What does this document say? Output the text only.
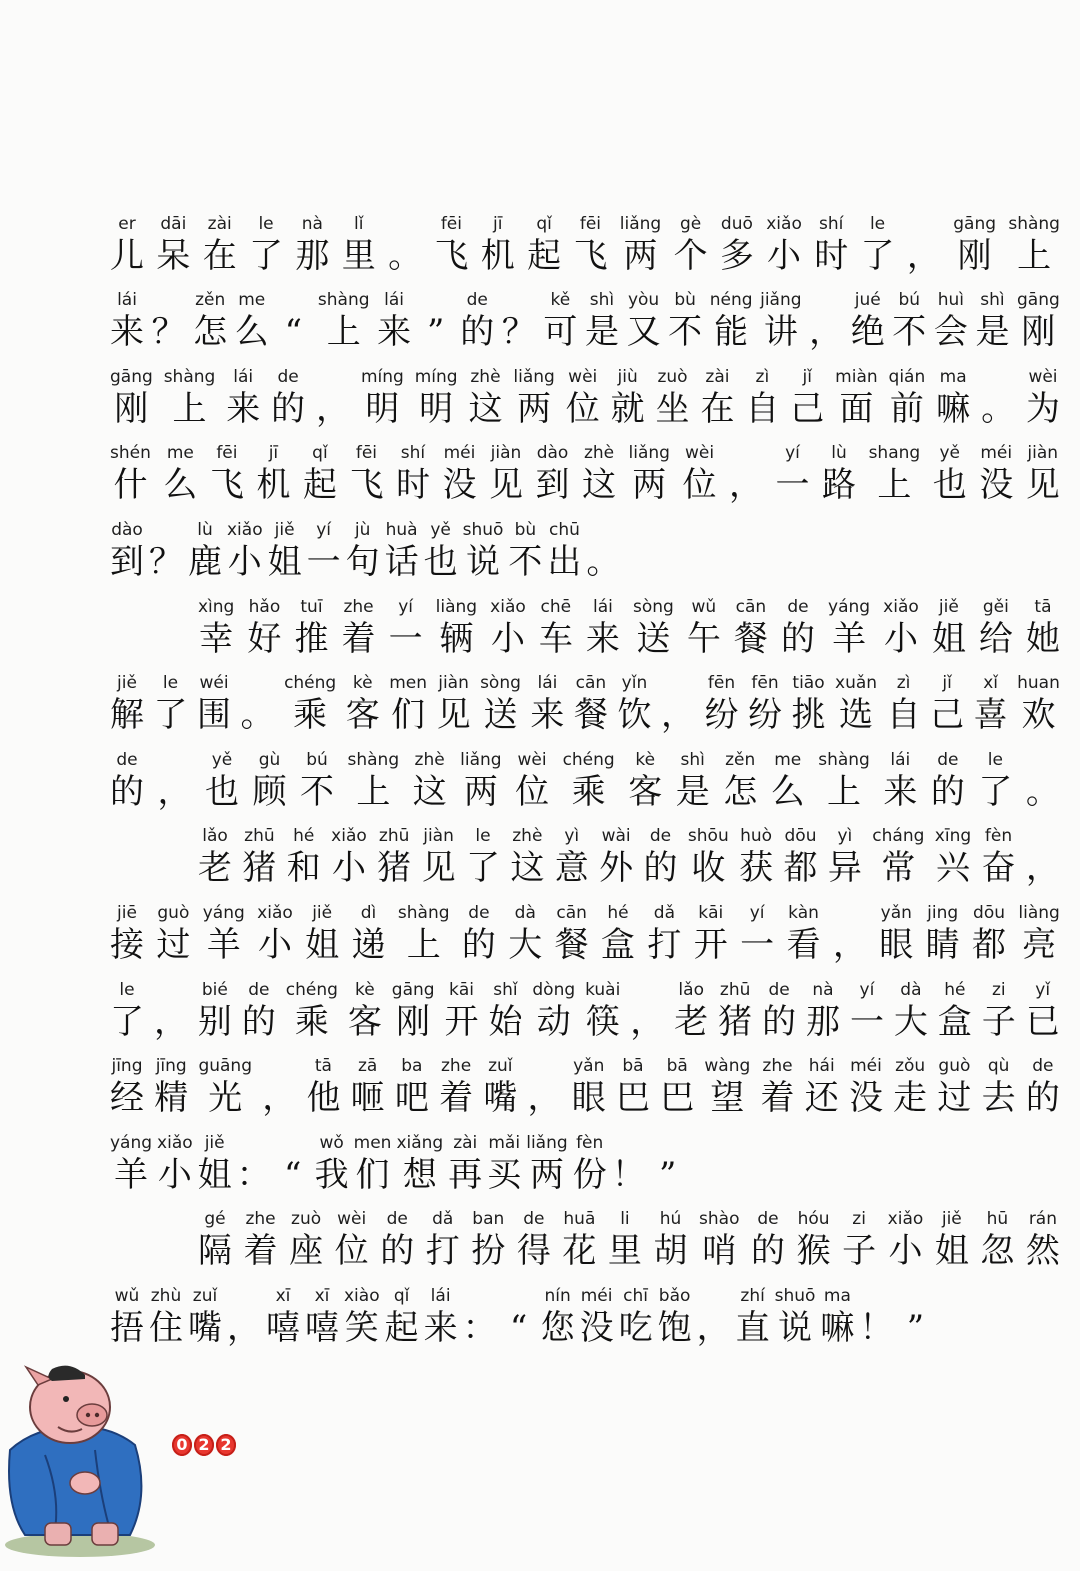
er
儿
dāi
呆
zài
在
le
了
nà
那
lǐ
里 。
fēi
飞
jī
机
qǐ
起
fēi
飞
liǎng
两
gè
个
duō
多
xiǎo
小
shí
时
le
了 ，
gāng
刚
shàng
上
lái
来 ？
zěn
怎
me
么 “
shàng
上
lái
来 ”
de
的 ？
kě
可
shì
是
yòu
又
bù
不
néng
能
jiǎng
讲 ，
jué
绝
bú
不
huì
会
shì
是
gāng
刚
gāng
刚
shàng
上
lái
来
de
的 ，
míng
明
míng
明
zhè
这
liǎng
两
wèi
位
jiù
就
zuò
坐
zài
在
zì
自
jǐ
己
miàn
面
qián
前
ma
嘛 。
wèi
为
shén
什
me
么
fēi
飞
jī
机
qǐ
起
fēi
飞
shí
时
méi
没
jiàn
见
dào
到
zhè
这
liǎng
两
wèi
位 ，
yí
一
lù
路
shang
上
yě
也
méi
没
jiàn
见
dào
到 ？
lù
鹿
xiǎo
小
jiě
姐
yí
一
jù
句
huà
话
yě
也
shuō
说
bù
不
chū
出 。
xìng
幸
hǎo
好
tuī
推
zhe
着
yí
一
liàng
辆
xiǎo
小
chē
车
lái
来
sòng
送
wǔ
午
cān
餐
de
的
yáng
羊
xiǎo
小
jiě
姐
gěi
给
tā
她
jiě
解
le
了
wéi
围 。
chéng
乘
kè
客
men
们
jiàn
见
sòng
送
lái
来
cān
餐
yǐn
饮 ，
fēn
纷
fēn
纷
tiāo
挑
xuǎn
选
zì
自
jǐ
己
xǐ
喜
huan
欢
de
的 ，
yě
也
gù
顾
bú
不
shàng
上
zhè
这
liǎng
两
wèi
位
chéng
乘
kè
客
shì
是
zěn
怎
me
么
shàng
上
lái
来
de
的
le
了 。
lǎo
老
zhū
猪
hé
和
xiǎo
小
zhū
猪
jiàn
见
le
了
zhè
这
yì
意
wài
外
de
的
shōu
收
huò
获
dōu
都
yì
异
cháng
常
xīng
兴
fèn
奋 ，
jiē
接
guò
过
yáng
羊
xiǎo
小
jiě
姐
dì
递
shàng
上
de
的
dà
大
cān
餐
hé
盒
dǎ
打
kāi
开
yí
一
kàn
看 ，
yǎn
眼
jing
睛
dōu
都
liàng
亮
le
了 ，
bié
别
de
的
chéng
乘
kè
客
gāng
刚
kāi
开
shǐ
始
dòng
动
kuài
筷 ，
lǎo
老
zhū
猪
de
的
nà
那
yí
一
dà
大
hé
盒
zi
子
yǐ
已
jīng
经
jīng
精
guāng
光 ，
tā
他
zā
咂
ba
吧
zhe
着
zuǐ
嘴 ，
yǎn
眼
bā
巴
bā
巴
wàng
望
zhe
着
hái
还
méi
没
zǒu
走
guò
过
qù
去
de
的
yáng
羊
xiǎo
小
jiě
姐 ： “
wǒ
我
men
们
xiǎng
想
zài
再
mǎi
买
liǎng
两
fèn
份 ！ ”
gé
隔
zhe
着
zuò
座
wèi
位
de
的
dǎ
打
ban
扮
de
得
huā
花
li
里
hú
胡
shào
哨
de
的
hóu
猴
zi
子
xiǎo
小
jiě
姐
hū
忽
rán
然
wǔ
捂
zhù
住
zuǐ
嘴 ，
xī
嘻
xī
嘻
xiào
笑
qǐ
起
lái
来 ： “
nín
您
méi
没
chī
吃
bǎo
饱 ，
zhí
直
shuō
说
ma
嘛 ！ ”
0 2 2
